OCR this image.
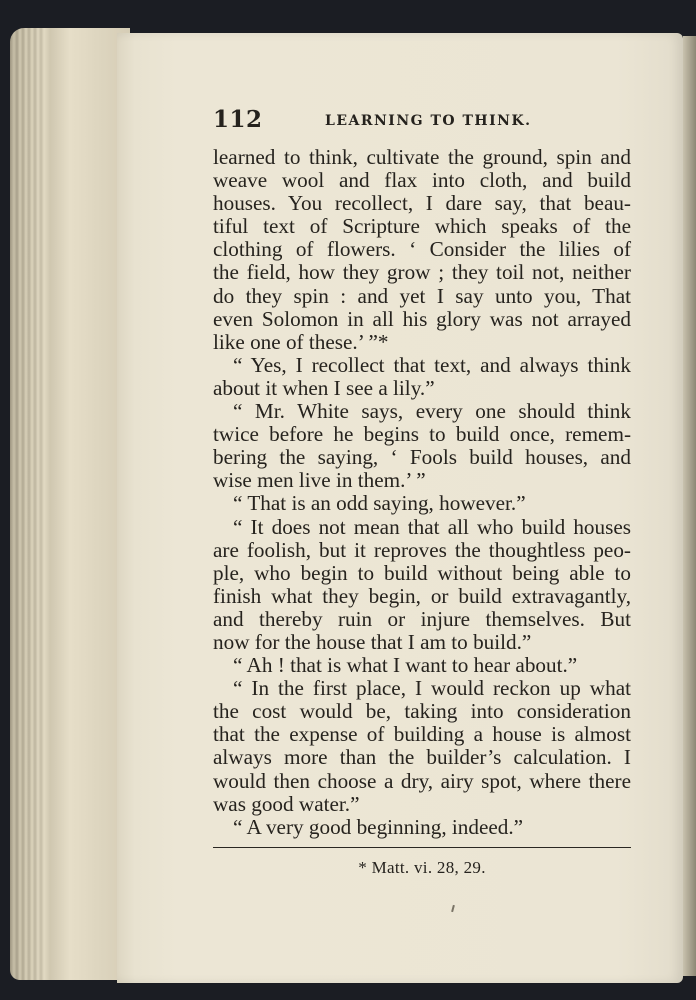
112	LEARNING TO THINK.
learned to think, cultivate the ground, spin and
weave wool and flax into cloth, and build
houses. You recollect, I dare say, that beau-
tiful text of Scripture which speaks of the
clothing of flowers. ‘ Consider the lilies of
the field, how they grow ; they toil not, neither
do they spin : and yet I say unto you, That
even Solomon in all his glory was not arrayed
like one of these.’ ”*
“ Yes, I recollect that text, and always think
about it when I see a lily.”
“ Mr. White says, every one should think
twice before he begins to build once, remem-
bering the saying, ‘ Fools build houses, and
wise men live in them.’ ”
“ That is an odd saying, however.”
“ It does not mean that all who build houses
are foolish, but it reproves the thoughtless peo-
ple, who begin to build without being able to
finish what they begin, or build extravagantly,
and thereby ruin or injure themselves. But
now for the house that I am to build.”
“ Ah ! that is what I want to hear about.”
“ In the first place, I would reckon up what
the cost would be, taking into consideration
that the expense of building a house is almost
always more than the builder’s calculation. I
would then choose a dry, airy spot, where there
was good water.”
“ A very good beginning, indeed.”
* Matt. vi. 28, 29.
